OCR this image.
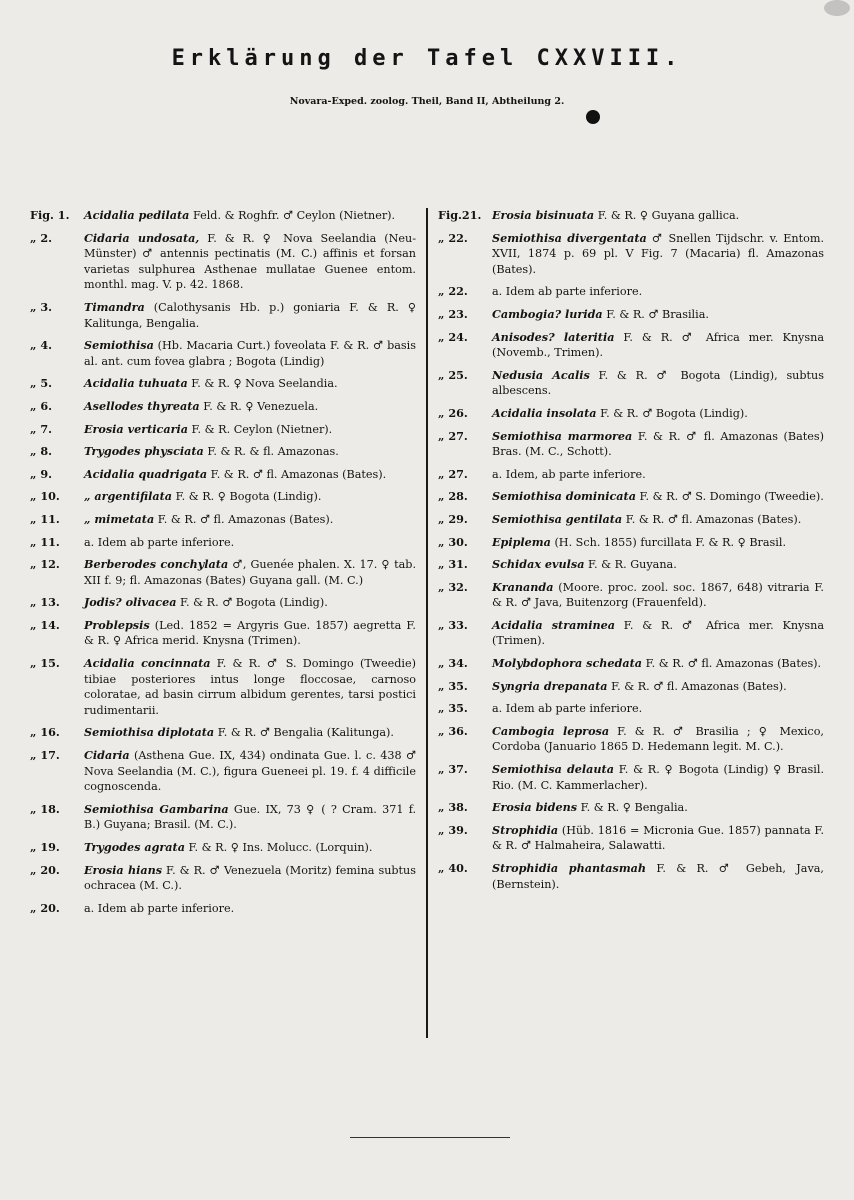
Erklärung der Tafel CXXVIII.
Novara-Exped. zoolog. Theil, Band II, Abtheilung 2.
Fig. 1.	Acidalia pedilata Feld. & Roghfr. ♂ Ceylon (Nietner).
„ 2.	Cidaria undosata, F. & R. ♀ Nova Seelandia (Neu-Münster) ♂ antennis pectinatis (M. C.) affinis et forsan varietas sulphurea Asthenae mullatae Guenee entom. monthl. mag. V. p. 42. 1868.
„ 3.	Timandra (Calothysanis Hb. p.) goniaria F. & R. ♀ Kalitunga, Bengalia.
„ 4.	Semiothisa (Hb. Macaria Curt.) foveolata F. & R. ♂ basis al. ant. cum fovea glabra ; Bogota (Lindig)
„ 5.	Acidalia tuhuata F. & R. ♀ Nova Seelandia.
„ 6.	Asellodes thyreata F. & R. ♀ Venezuela.
„ 7.	Erosia verticaria F. & R. Ceylon (Nietner).
„ 8.	Trygodes physciata F. & R. & fl. Amazonas.
„ 9.	Acidalia quadrigata F. & R. ♂ fl. Amazonas (Bates).
„ 10.	„ argentifilata F. & R. ♀ Bogota (Lindig).
„ 11.	„ mimetata F. & R. ♂ fl. Amazonas (Bates).
„ 11.	a. Idem ab parte inferiore.
„ 12.	Berberodes conchylata ♂, Guenée phalen. X. 17. ♀ tab. XII f. 9; fl. Amazonas (Bates) Guyana gall. (M. C.)
„ 13.	Jodis? olivacea F. & R. ♂ Bogota (Lindig).
„ 14.	Problepsis (Led. 1852 = Argyris Gue. 1857) aegretta F. & R. ♀ Africa merid. Knysna (Trimen).
„ 15.	Acidalia concinnata F. & R. ♂ S. Domingo (Tweedie) tibiae posteriores intus longe floccosae, carnoso coloratae, ad basin cirrum albidum gerentes, tarsi postici rudimentarii.
„ 16.	Semiothisa diplotata F. & R. ♂ Bengalia (Kalitunga).
„ 17.	Cidaria (Asthena Gue. IX, 434) ondinata Gue. l. c. 438 ♂ Nova Seelandia (M. C.), figura Gueneei pl. 19. f. 4 difficile cognoscenda.
„ 18.	Semiothisa Gambarina Gue. IX, 73 ♀ ( ? Cram. 371 f. B.) Guyana; Brasil. (M. C.).
„ 19.	Trygodes agrata F. & R. ♀ Ins. Molucc. (Lorquin).
„ 20.	Erosia hians F. & R. ♂ Venezuela (Moritz) femina subtus ochracea (M. C.).
„ 20.	a. Idem ab parte inferiore.
Fig.21. Erosia bisinuata F. & R. ♀ Guyana gallica.
„ 22.	Semiothisa divergentata ♂ Snellen Tijdschr. v. Entom. XVII, 1874 p. 69 pl. V Fig. 7 (Macaria) fl. Amazonas (Bates).
„ 22.	a. Idem ab parte inferiore.
„ 23.	Cambogia? lurida F. & R. ♂ Brasilia.
„ 24.	Anisodes? lateritia F. & R. ♂ Africa mer. Knysna (Novemb., Trimen).
„ 25.	Nedusia Acalis F. & R. ♂ Bogota (Lindig), subtus albescens.
„ 26.	Acidalia insolata F. & R. ♂ Bogota (Lindig).
„ 27.	Semiothisa marmorea F. & R. ♂ fl. Amazonas (Bates) Bras. (M. C., Schott).
„ 27.	a. Idem, ab parte inferiore.
„ 28.	Semiothisa dominicata F. & R. ♂ S. Domingo (Tweedie).
„ 29.	Semiothisa gentilata F. & R. ♂ fl. Amazonas (Bates).
„ 30.	Epiplema (H. Sch. 1855) furcillata F. & R. ♀ Brasil.
„ 31.	Schidax evulsa F. & R. Guyana.
„ 32.	Krananda (Moore. proc. zool. soc. 1867, 648) vitraria F. & R. ♂ Java, Buitenzorg (Frauenfeld).
„ 33.	Acidalia straminea F. & R. ♂ Africa mer. Knysna (Trimen).
„ 34.	Molybdophora schedata F. & R. ♂ fl. Amazonas (Bates).
„ 35.	Syngria drepanata F. & R. ♂ fl. Amazonas (Bates).
„ 35.	a. Idem ab parte inferiore.
„ 36.	Cambogia leprosa F. & R. ♂ Brasilia ; ♀ Mexico, Cordoba (Januario 1865 D. Hedemann legit. M. C.).
„ 37.	Semiothisa delauta F. & R. ♀ Bogota (Lindig) ♀ Brasil. Rio. (M. C. Kammerlacher).
„ 38.	Erosia bidens F. & R. ♀ Bengalia.
„ 39.	Strophidia (Hüb. 1816 = Micronia Gue. 1857) pannata F. & R. ♂ Halmaheira, Salawatti.
„ 40.	Strophidia phantasmah F. & R. ♂ Gebeh, Java, (Bernstein).
